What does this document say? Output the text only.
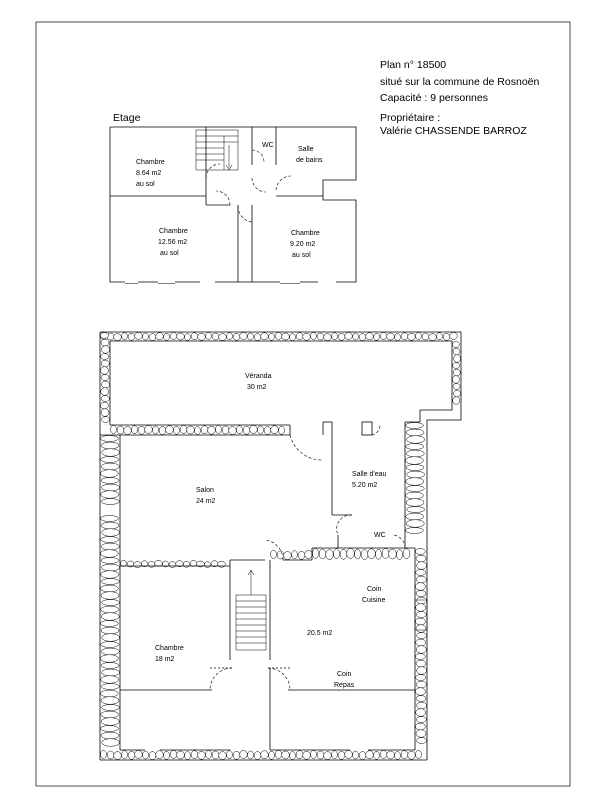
Plan n° 18500
situé sur la commune de Rosnoën
Capacité : 9 personnes
Propriétaire :
Valérie CHASSENDE BARROZ
Etage
WC
Salle
de bains
Chambre
8.64 m2
au sol
Chambre
12.56 m2
au sol
Chambre
9.20 m2
au sol
Véranda
30 m2
Salle d'eau
5.20 m2
Salon
24 m2
WC
Chambre
18 m2
Coin
Cuisine
20.5 m2
Coin
Repas
